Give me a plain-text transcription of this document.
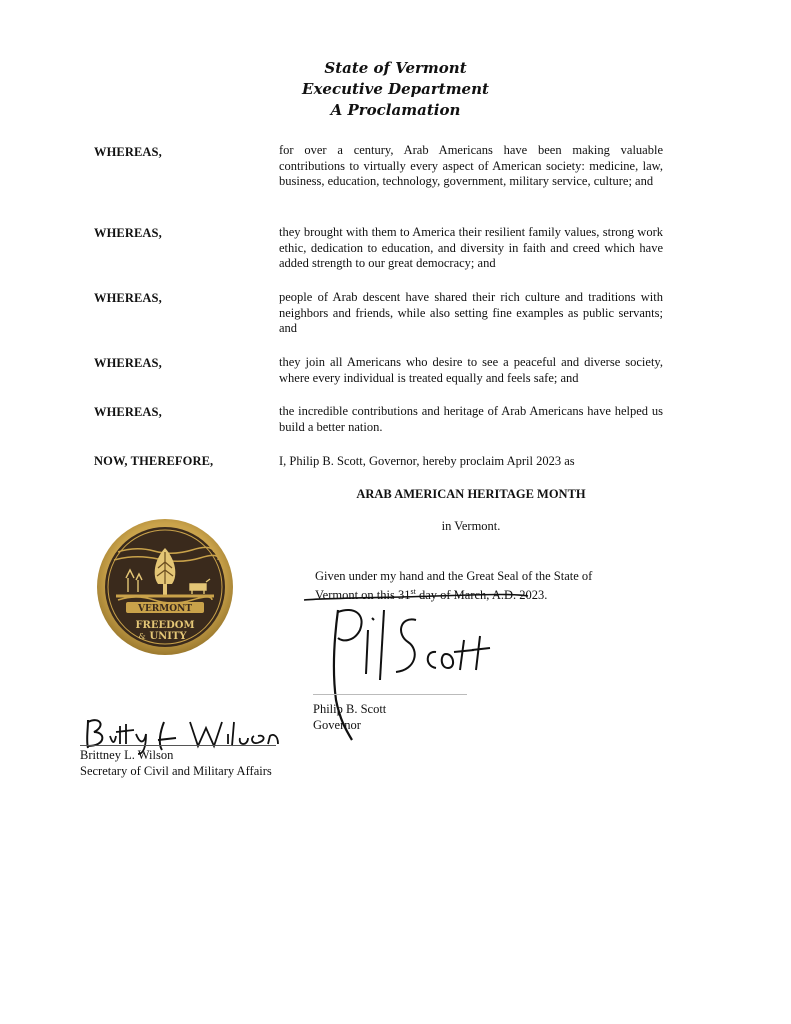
State of Vermont
Executive Department
A Proclamation
WHEREAS,	for over a century, Arab Americans have been making valuable contributions to virtually every aspect of American society: medicine, law, business, education, technology, government, military service, culture; and
WHEREAS,	they brought with them to America their resilient family values, strong work ethic, dedication to education, and diversity in faith and creed which have added strength to our great democracy; and
WHEREAS,	people of Arab descent have shared their rich culture and traditions with neighbors and friends, while also setting fine examples as public servants; and
WHEREAS,	they join all Americans who desire to see a peaceful and diverse society, where every individual is treated equally and feels safe; and
WHEREAS,	the incredible contributions and heritage of Arab Americans have helped us build a better nation.
NOW, THEREFORE,	I, Philip B. Scott, Governor, hereby proclaim April 2023 as
ARAB AMERICAN HERITAGE MONTH
in Vermont.
VERMONT
FREEDOM
& UNITY
Given under my hand and the Great Seal of the State of
Vermont on this 31st day of March, A.D. 2023.
Philip B. Scott
Governor
Brittney L. Wilson
Secretary of Civil and Military Affairs
